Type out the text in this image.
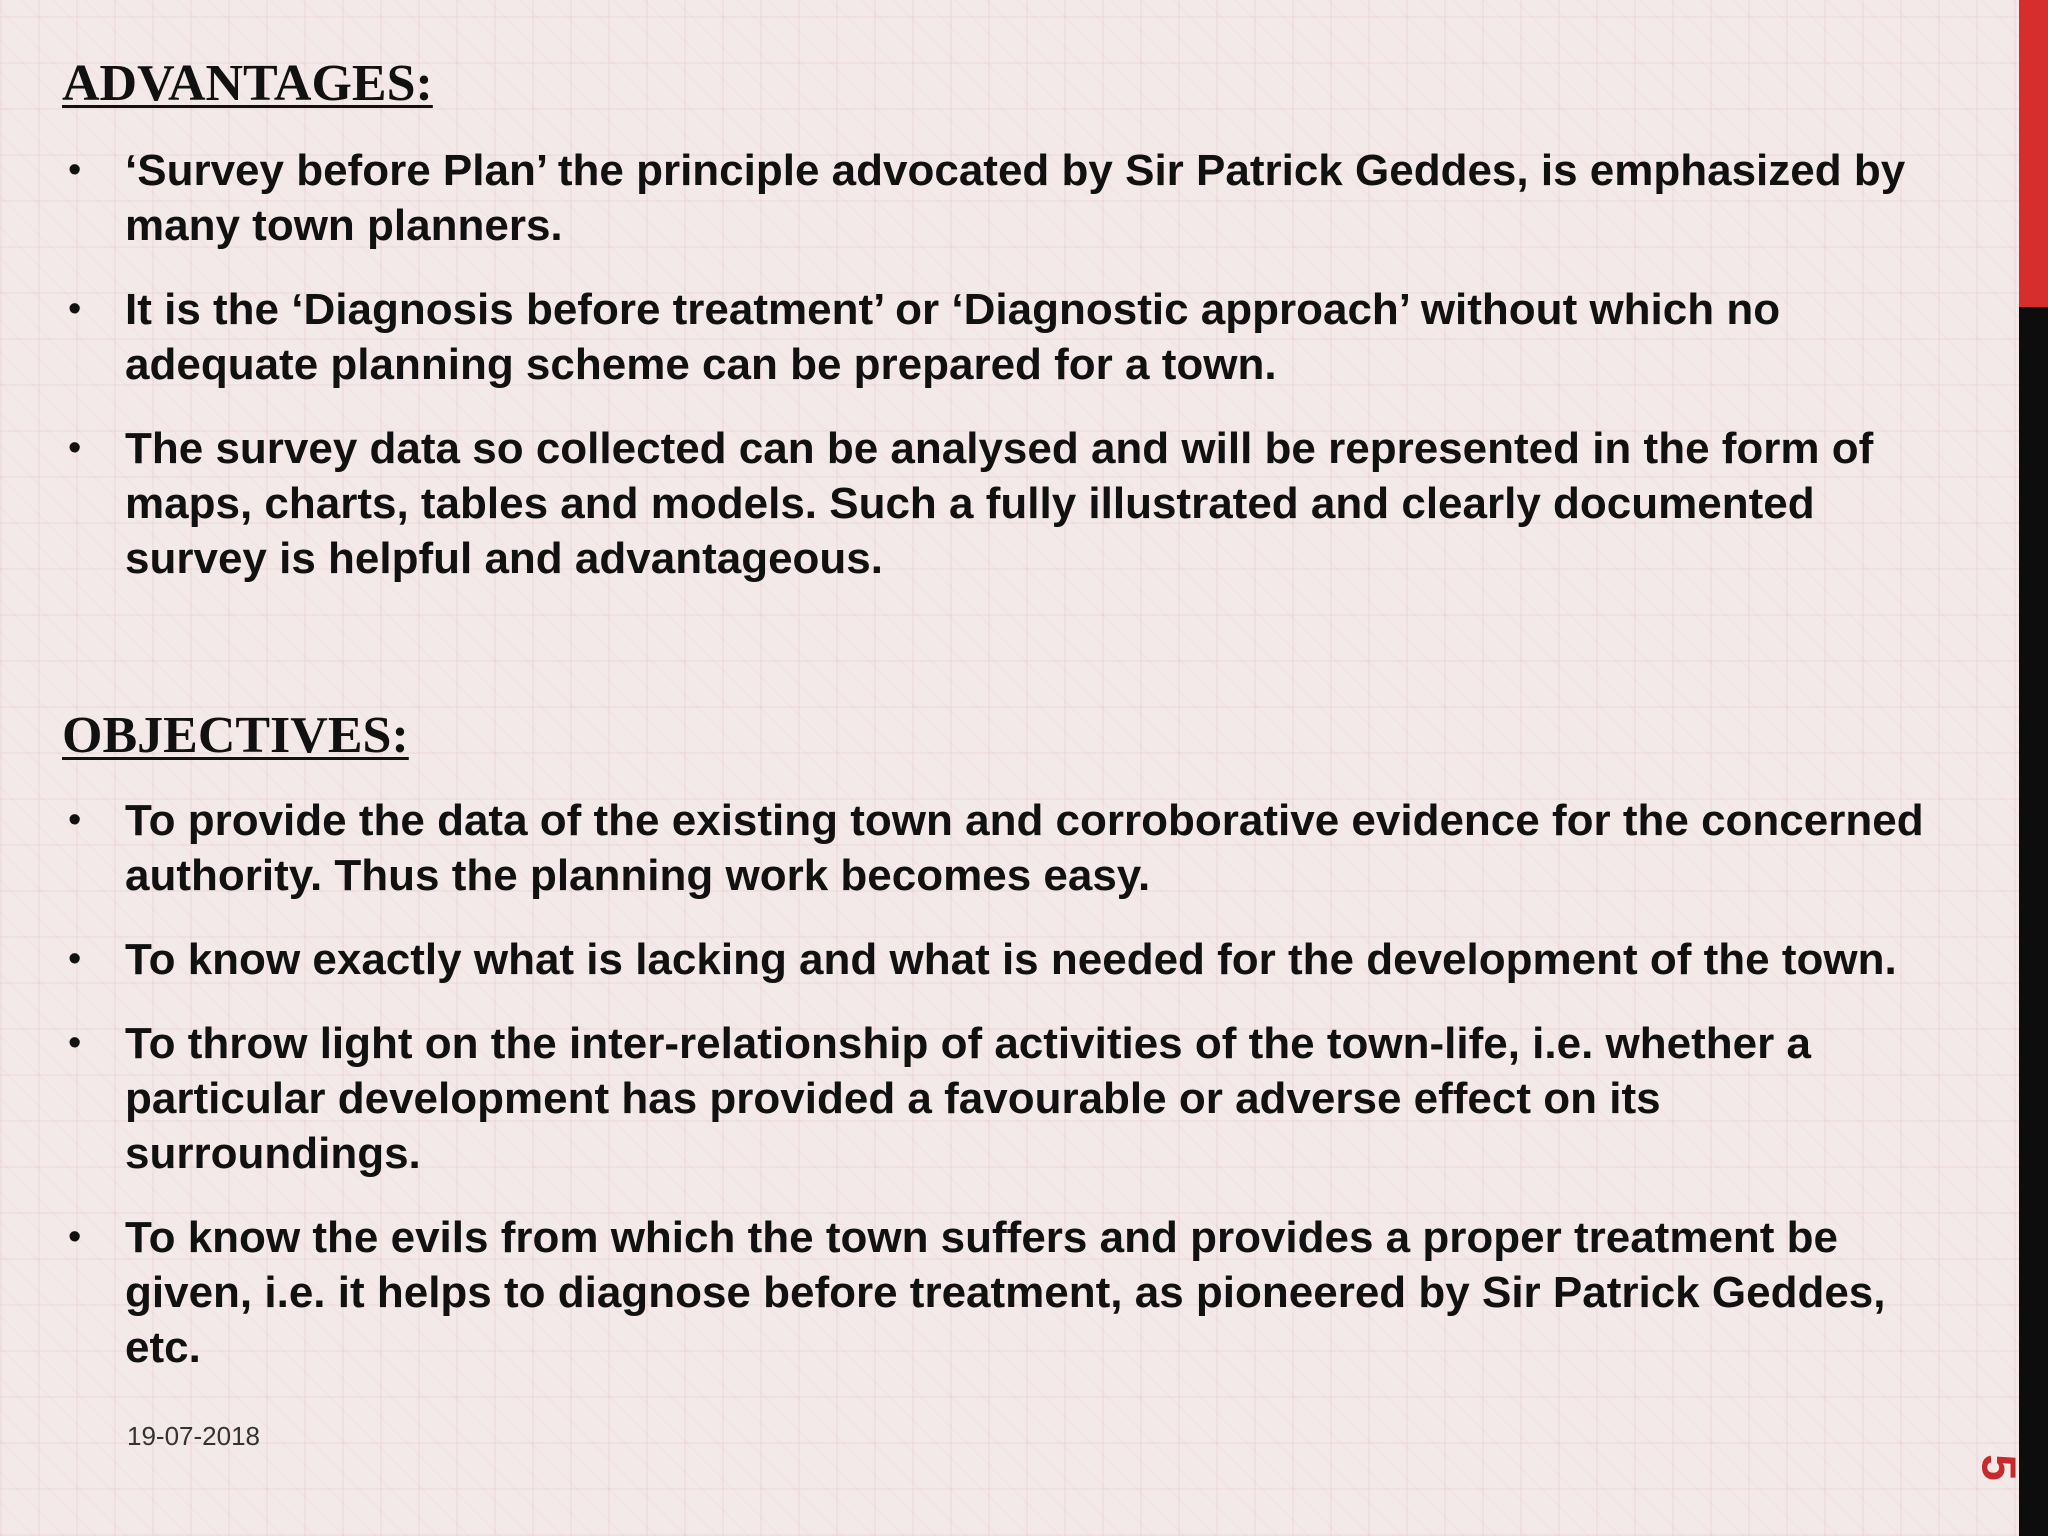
ADVANTAGES:
• ‘Survey before Plan’ the principle advocated by Sir Patrick Geddes, is emphasized by many town planners.
• It is the ‘Diagnosis before treatment’ or ‘Diagnostic approach’ without which no adequate planning scheme can be prepared for a town.
• The survey data so collected can be analysed and will be represented in the form of maps, charts, tables and models. Such a fully illustrated and clearly documented survey is helpful and advantageous.
OBJECTIVES:
• To provide the data of the existing town and corroborative evidence for the concerned authority. Thus the planning work becomes easy.
• To know exactly what is lacking and what is needed for the development of the town.
• To throw light on the inter-relationship of activities of the town-life, i.e. whether a particular development has provided a favourable or adverse effect on its surroundings.
• To know the evils from which the town suffers and provides a proper treatment be given, i.e. it helps to diagnose before treatment, as pioneered by Sir Patrick Geddes, etc.
19-07-2018
5
